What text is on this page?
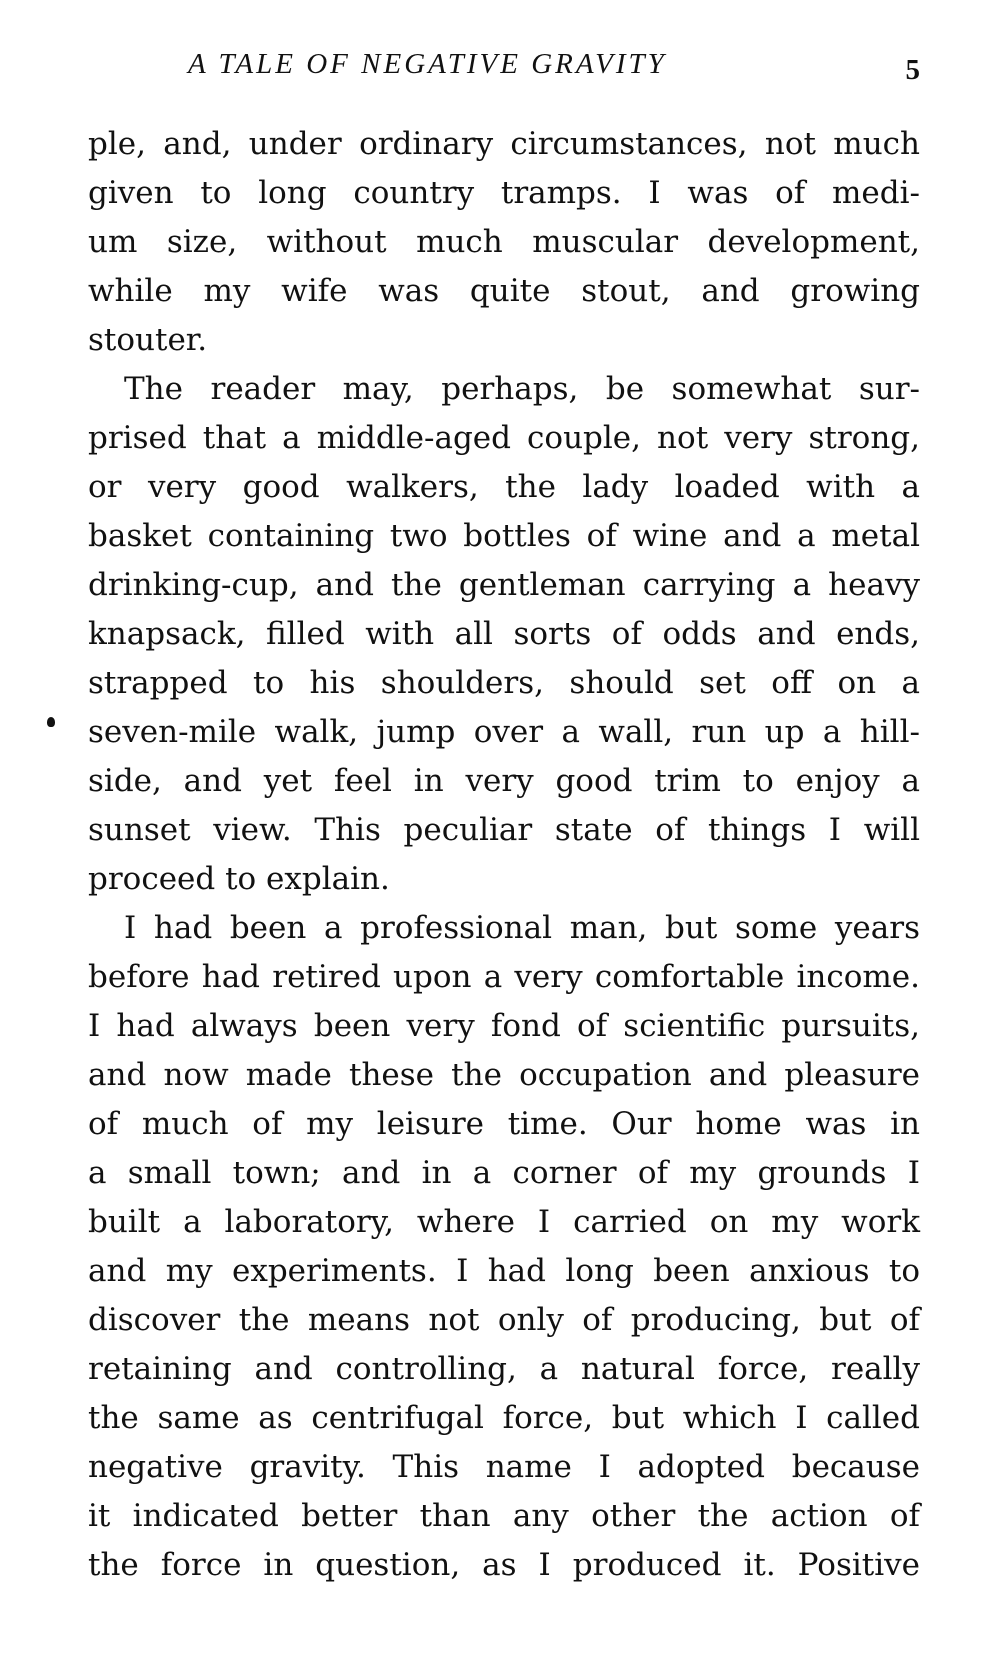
A TALE OF NEGATIVE GRAVITY	5
ple, and, under ordinary circumstances, not much
given to long country tramps. I was of medi-
um size, without much muscular development,
while my wife was quite stout, and growing
stouter.
The reader may, perhaps, be somewhat sur-
prised that a middle-aged couple, not very strong,
or very good walkers, the lady loaded with a
basket containing two bottles of wine and a metal
drinking-cup, and the gentleman carrying a heavy
knapsack, filled with all sorts of odds and ends,
strapped to his shoulders, should set off on a
seven-mile walk, jump over a wall, run up a hill-
side, and yet feel in very good trim to enjoy a
sunset view. This peculiar state of things I will
proceed to explain.
I had been a professional man, but some years
before had retired upon a very comfortable income.
I had always been very fond of scientific pursuits,
and now made these the occupation and pleasure
of much of my leisure time. Our home was in
a small town; and in a corner of my grounds I
built a laboratory, where I carried on my work
and my experiments. I had long been anxious to
discover the means not only of producing, but of
retaining and controlling, a natural force, really
the same as centrifugal force, but which I called
negative gravity. This name I adopted because
it indicated better than any other the action of
the force in question, as I produced it. Positive
